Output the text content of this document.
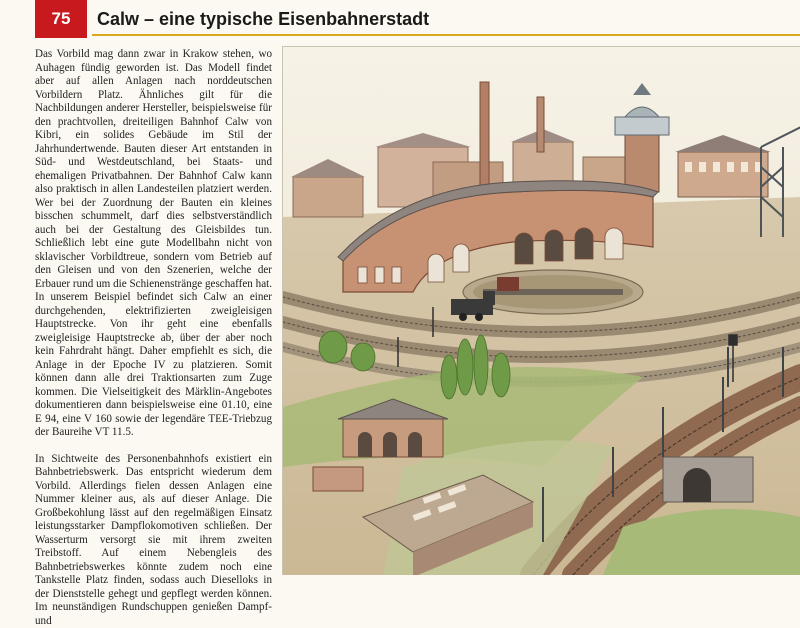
75	Calw – eine typische Eisenbahnerstadt

Das Vorbild mag dann zwar in Krakow stehen, wo Auhagen fündig geworden ist. Das Modell findet aber auf allen Anlagen nach norddeutschen Vorbildern Platz. Ähnliches gilt für die Nachbildungen anderer Hersteller, beispielsweise für den prachtvollen, dreiteiligen Bahnhof Calw von Kibri, ein solides Gebäude im Stil der Jahrhundertwende. Bauten dieser Art entstanden in Süd- und Westdeutschland, bei Staats- und ehemaligen Privatbahnen. Der Bahnhof Calw kann also praktisch in allen Landesteilen platziert werden. Wer bei der Zuordnung der Bauten ein kleines bisschen schummelt, darf dies selbstverständlich auch bei der Gestaltung des Gleisbildes tun. Schließlich lebt eine gute Modellbahn nicht von sklavischer Vorbildtreue, sondern vom Betrieb auf den Gleisen und von den Szenerien, welche der Erbauer rund um die Schienenstränge geschaffen hat. In unserem Beispiel befindet sich Calw an einer durchgehenden, elektrifizierten zweigleisigen Hauptstrecke. Von ihr geht eine ebenfalls zweigleisige Hauptstrecke ab, über der aber noch kein Fahrdraht hängt. Daher empfiehlt es sich, die Anlage in der Epoche IV zu platzieren. Somit können dann alle drei Traktionsarten zum Zuge kommen. Die Vielseitigkeit des Märklin-Angebotes dokumentieren dann beispielsweise eine 01.10, eine E 94, eine V 160 sowie der legendäre TEE-Triebzug der Baureihe VT 11.5.

In Sichtweite des Personenbahnhofs existiert ein Bahnbetriebswerk. Das entspricht wiederum dem Vorbild. Allerdings fielen dessen Anlagen eine Nummer kleiner aus, als auf dieser Anlage. Die Großbekohlung lässt auf den regelmäßigen Einsatz leistungsstarker Dampflokomotiven schließen. Der Wasserturm versorgt sie mit ihrem zweiten Treibstoff. Auf einem Nebengleis des Bahnbetriebswerkes könnte zudem noch eine Tankstelle Platz finden, sodass auch Dieselloks in der Dienststelle gehegt und gepflegt werden können. Im neunständigen Rundschuppen genießen Dampf- und
